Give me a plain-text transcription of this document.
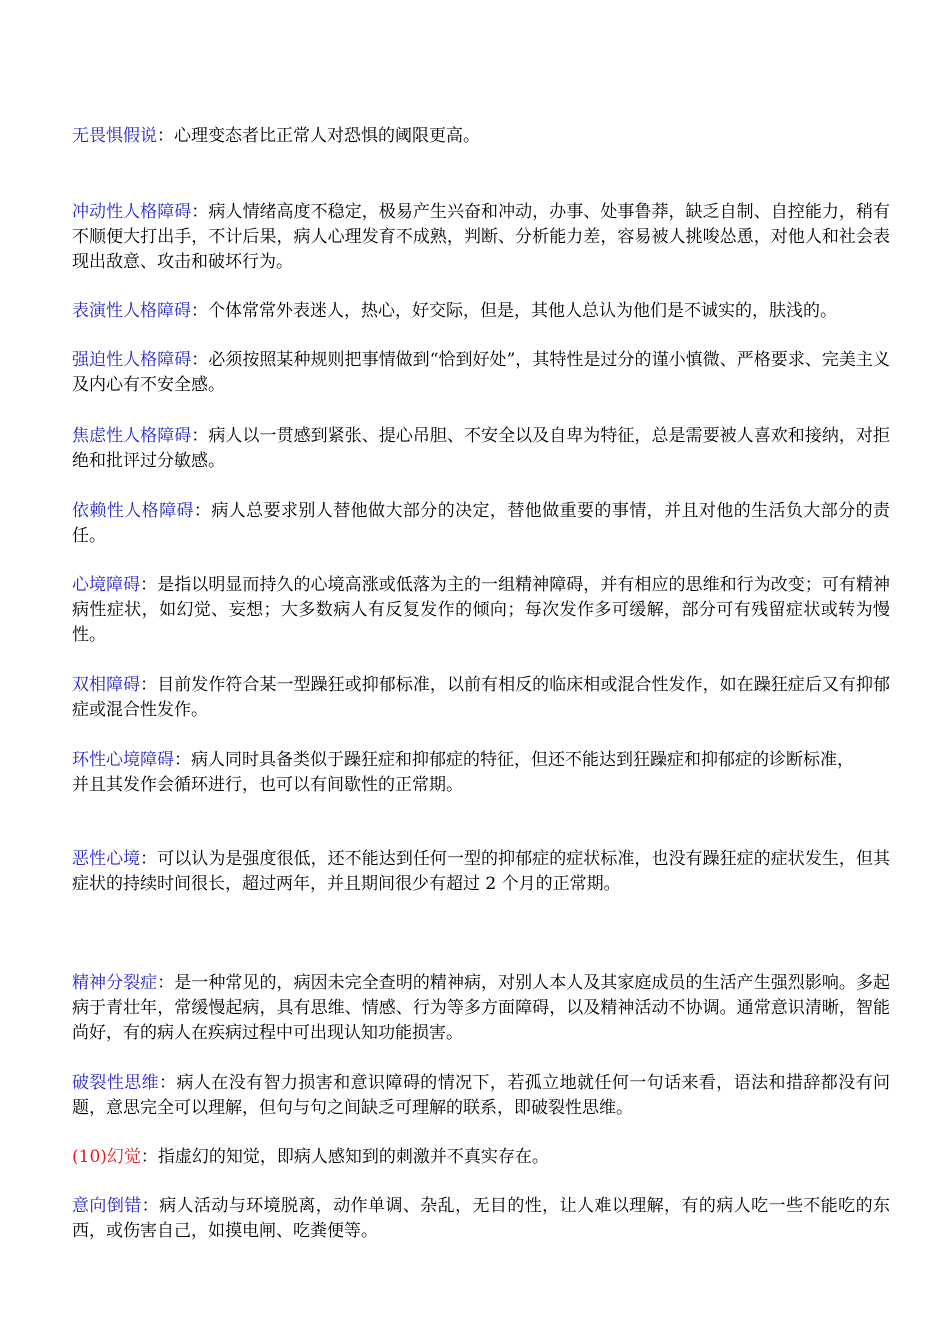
无畏惧假说：心理变态者比正常人对恐惧的阈限更高。

冲动性人格障碍：病人情绪高度不稳定，极易产生兴奋和冲动，办事、处事鲁莽，缺乏自制、自控能力，稍有不顺便大打出手，不计后果，病人心理发育不成熟，判断、分析能力差，容易被人挑唆怂恿，对他人和社会表现出敌意、攻击和破坏行为。

表演性人格障碍：个体常常外表迷人，热心，好交际，但是，其他人总认为他们是不诚实的，肤浅的。

强迫性人格障碍：必须按照某种规则把事情做到“恰到好处”，其特性是过分的谨小慎微、严格要求、完美主义及内心有不安全感。

焦虑性人格障碍：病人以一贯感到紧张、提心吊胆、不安全以及自卑为特征，总是需要被人喜欢和接纳，对拒绝和批评过分敏感。

依赖性人格障碍：病人总要求别人替他做大部分的决定，替他做重要的事情，并且对他的生活负大部分的责任。

心境障碍：是指以明显而持久的心境高涨或低落为主的一组精神障碍，并有相应的思维和行为改变；可有精神病性症状，如幻觉、妄想；大多数病人有反复发作的倾向；每次发作多可缓解，部分可有残留症状或转为慢性。

双相障碍：目前发作符合某一型躁狂或抑郁标准，以前有相反的临床相或混合性发作，如在躁狂症后又有抑郁症或混合性发作。

环性心境障碍：病人同时具备类似于躁狂症和抑郁症的特征，但还不能达到狂躁症和抑郁症的诊断标准，
并且其发作会循环进行，也可以有间歇性的正常期。

恶性心境：可以认为是强度很低，还不能达到任何一型的抑郁症的症状标准，也没有躁狂症的症状发生，但其症状的持续时间很长，超过两年，并且期间很少有超过 2 个月的正常期。

精神分裂症：是一种常见的，病因未完全查明的精神病，对别人本人及其家庭成员的生活产生强烈影响。多起病于青壮年，常缓慢起病，具有思维、情感、行为等多方面障碍，以及精神活动不协调。通常意识清晰，智能尚好，有的病人在疾病过程中可出现认知功能损害。

破裂性思维：病人在没有智力损害和意识障碍的情况下，若孤立地就任何一句话来看，语法和措辞都没有问题，意思完全可以理解，但句与句之间缺乏可理解的联系，即破裂性思维。

(10)幻觉：指虚幻的知觉，即病人感知到的刺激并不真实存在。

意向倒错：病人活动与环境脱离，动作单调、杂乱，无目的性，让人难以理解，有的病人吃一些不能吃的东西，或伤害自己，如摸电闸、吃粪便等。
